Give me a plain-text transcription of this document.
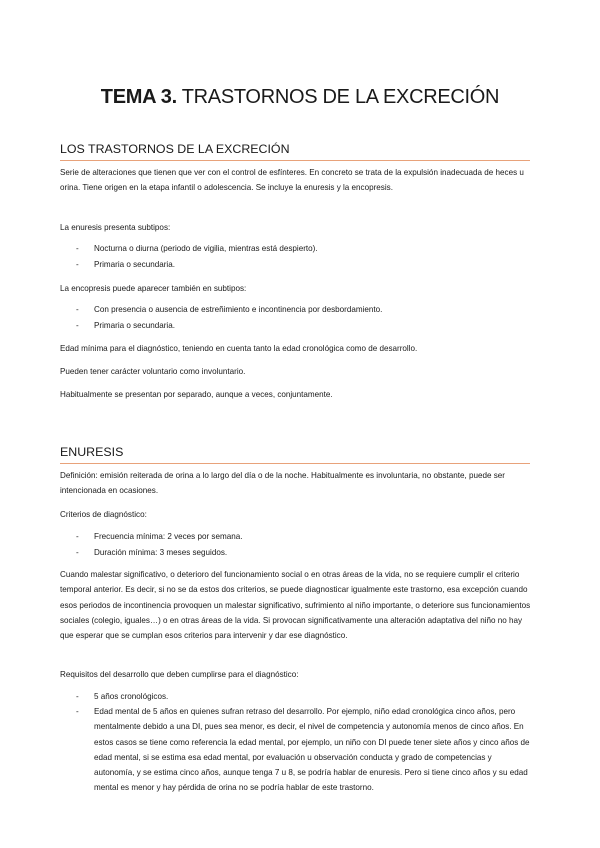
TEMA 3. TRASTORNOS DE LA EXCRECIÓN
LOS TRASTORNOS DE LA EXCRECIÓN
Serie de alteraciones que tienen que ver con el control de esfínteres. En concreto se trata de la expulsión inadecuada de heces u orina. Tiene origen en la etapa infantil o adolescencia. Se incluye la enuresis y la encopresis.
La enuresis presenta subtipos:
-	Nocturna o diurna (periodo de vigilia, mientras está despierto).
-	Primaria o secundaria.
La encopresis puede aparecer también en subtipos:
-	Con presencia o ausencia de estreñimiento e incontinencia por desbordamiento.
-	Primaria o secundaria.
Edad mínima para el diagnóstico, teniendo en cuenta tanto la edad cronológica como de desarrollo.
Pueden tener carácter voluntario como involuntario.
Habitualmente se presentan por separado, aunque a veces, conjuntamente.
ENURESIS
Definición: emisión reiterada de orina a lo largo del día o de la noche. Habitualmente es involuntaria, no obstante, puede ser intencionada en ocasiones.
Criterios de diagnóstico:
-	Frecuencia mínima: 2 veces por semana.
-	Duración mínima: 3 meses seguidos.
Cuando malestar significativo, o deterioro del funcionamiento social o en otras áreas de la vida, no se requiere cumplir el criterio temporal anterior. Es decir, si no se da estos dos criterios, se puede diagnosticar igualmente este trastorno, esa excepción cuando esos periodos de incontinencia provoquen un malestar significativo, sufrimiento al niño importante, o deteriore sus funcionamientos sociales (colegio, iguales…) o en otras áreas de la vida. Si provocan significativamente una alteración adaptativa del niño no hay que esperar que se cumplan esos criterios para intervenir y dar ese diagnóstico.
Requisitos del desarrollo que deben cumplirse para el diagnóstico:
-	5 años cronológicos.
-	Edad mental de 5 años en quienes sufran retraso del desarrollo. Por ejemplo, niño edad cronológica cinco años, pero mentalmente debido a una DI, pues sea menor, es decir, el nivel de competencia y autonomía menos de cinco años. En estos casos se tiene como referencia la edad mental, por ejemplo, un niño con DI puede tener siete años y cinco años de edad mental, si se estima esa edad mental, por evaluación u observación conducta y grado de competencias y autonomía, y se estima cinco años, aunque tenga 7 u 8, se podría hablar de enuresis. Pero si tiene cinco años y su edad mental es menor y hay pérdida de orina no se podría hablar de este trastorno.
